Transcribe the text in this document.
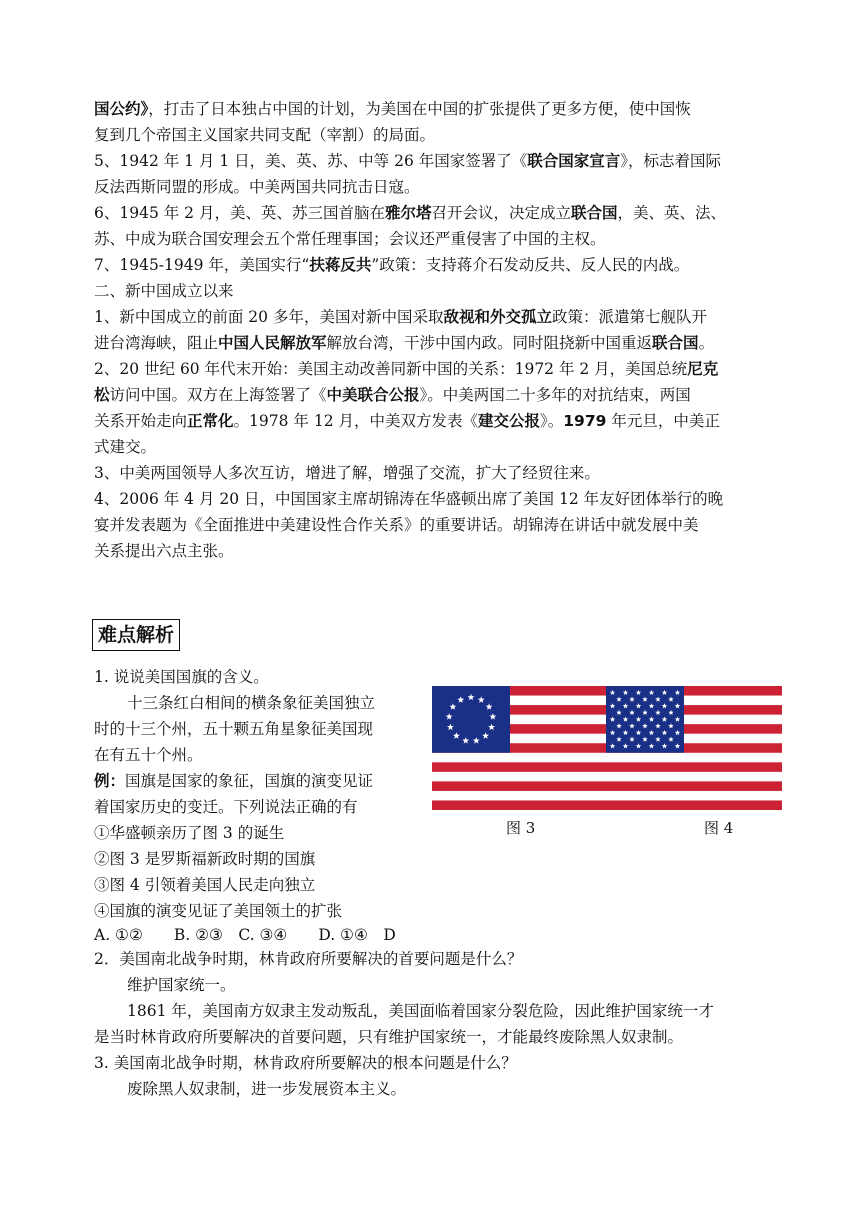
国公约》，打击了日本独占中国的计划，为美国在中国的扩张提供了更多方便，使中国恢
复到几个帝国主义国家共同支配（宰割）的局面。
5、1942 年 1 月 1 日，美、英、苏、中等 26 年国家签署了《联合国家宣言》，标志着国际
反法西斯同盟的形成。中美两国共同抗击日寇。
6、1945 年 2 月，美、英、苏三国首脑在雅尔塔召开会议，决定成立联合国，美、英、法、
苏、中成为联合国安理会五个常任理事国；会议还严重侵害了中国的主权。
7、1945-1949 年，美国实行“扶蒋反共”政策：支持蒋介石发动反共、反人民的内战。
二、新中国成立以来
1、新中国成立的前面 20 多年，美国对新中国采取敌视和外交孤立政策：派遣第七舰队开
进台湾海峡，阻止中国人民解放军解放台湾，干涉中国内政。同时阻挠新中国重返联合国。
2、20 世纪 60 年代末开始：美国主动改善同新中国的关系：1972 年 2 月，美国总统尼克
松访问中国。双方在上海签署了《中美联合公报》。中美两国二十多年的对抗结束，两国
关系开始走向正常化。1978 年 12 月，中美双方发表《建交公报》。1979 年元旦，中美正
式建交。
3、中美两国领导人多次互访，增进了解，增强了交流，扩大了经贸往来。
4、2006 年 4 月 20 日，中国国家主席胡锦涛在华盛顿出席了美国 12 年友好团体举行的晚
宴并发表题为《全面推进中美建设性合作关系》的重要讲话。胡锦涛在讲话中就发展中美
关系提出六点主张。
难点解析
1. 说说美国国旗的含义。
十三条红白相间的横条象征美国独立
时的十三个州，五十颗五角星象征美国现
在有五十个州。
例：国旗是国家的象征，国旗的演变见证
着国家历史的变迁。下列说法正确的有
①华盛顿亲历了图 3 的诞生
②图 3 是罗斯福新政时期的国旗
③图 4 引领着美国人民走向独立
④国旗的演变见证了美国领土的扩张
A. ①②　　B. ②③　C. ③④　　D. ①④　D
图 3	图 4
2．美国南北战争时期，林肯政府所要解决的首要问题是什么？
维护国家统一。
1861 年，美国南方奴隶主发动叛乱，美国面临着国家分裂危险，因此维护国家统一才
是当时林肯政府所要解决的首要问题，只有维护国家统一，才能最终废除黑人奴隶制。
3. 美国南北战争时期，林肯政府所要解决的根本问题是什么？
废除黑人奴隶制，进一步发展资本主义。
